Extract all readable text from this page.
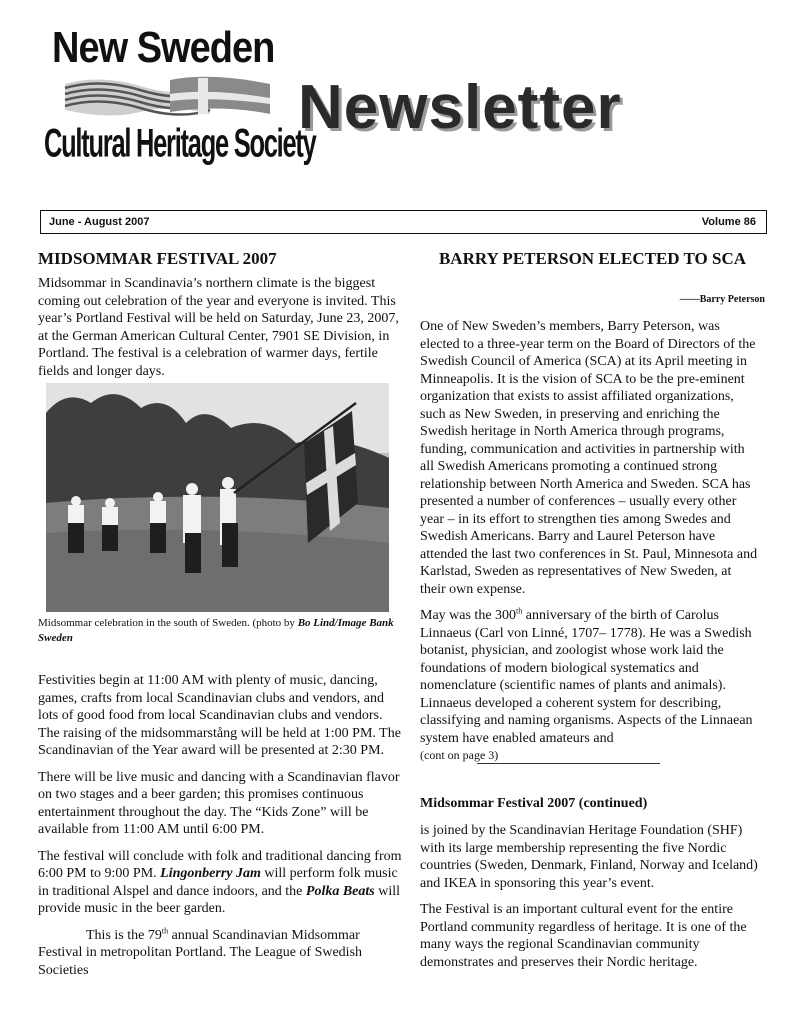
New Sweden
Cultural Heritage Society
Newsletter
June - August 2007	Volume 86
MIDSOMMAR FESTIVAL 2007

Midsommar in Scandinavia’s northern climate is the biggest coming out celebration of the year and everyone is invited. This year’s Portland Festival will be held on Saturday, June 23, 2007, at the German American Cultural Center, 7901 SE Division, in Portland. The festival is a celebration of warmer days, fertile fields and longer days.

Midsommar celebration in the south of Sweden. (photo by Bo Lind/Image Bank Sweden

Festivities begin at 11:00 AM with plenty of music, dancing, games, crafts from local Scandinavian clubs and vendors, and lots of good food from local Scandinavian clubs and vendors. The raising of the midsommarstång will be held at 1:00 PM. The Scandinavian of the Year award will be presented at 2:30 PM.

There will be live music and dancing with a Scandinavian flavor on two stages and a beer garden; this promises continuous entertainment throughout the day. The “Kids Zone” will be available from 11:00 AM until 6:00 PM.

The festival will conclude with folk and traditional dancing from 6:00 PM to 9:00 PM. Lingonberry Jam will perform folk music in traditional Alspel and dance indoors, and the Polka Beats will provide music in the beer garden.

This is the 79th annual Scandinavian Midsommar Festival in metropolitan Portland. The League of Swedish Societies

BARRY PETERSON ELECTED TO SCA
——Barry Peterson

One of New Sweden’s members, Barry Peterson, was elected to a three-year term on the Board of Directors of the Swedish Council of America (SCA) at its April meeting in Minneapolis. It is the vision of SCA to be the pre-eminent organization that exists to assist affiliated organizations, such as New Sweden, in preserving and enriching the Swedish heritage in North America through programs, funding, communication and activities in partnership with all Swedish Americans promoting a continued strong relationship between North America and Sweden. SCA has presented a number of conferences – usually every other year – in its effort to strengthen ties among Swedes and Swedish Americans. Barry and Laurel Peterson have attended the last two conferences in St. Paul, Minnesota and Karlstad, Sweden as representatives of New Sweden, at their own expense.

May was the 300th anniversary of the birth of Carolus Linnaeus (Carl von Linné, 1707– 1778). He was a Swedish botanist, physician, and zoologist whose work laid the foundations of modern biological systematics and nomenclature (scientific names of plants and animals). Linnaeus developed a coherent system for describing, classifying and naming organisms. Aspects of the Linnaean system have enabled amateurs and
(cont on page 3)

Midsommar Festival 2007 (continued)

is joined by the Scandinavian Heritage Foundation (SHF) with its large membership representing the five Nordic countries (Sweden, Denmark, Finland, Norway and Iceland) and IKEA in sponsoring this year’s event.

The Festival is an important cultural event for the entire Portland community regardless of heritage. It is one of the many ways the regional Scandinavian community demonstrates and preserves their Nordic heritage.
